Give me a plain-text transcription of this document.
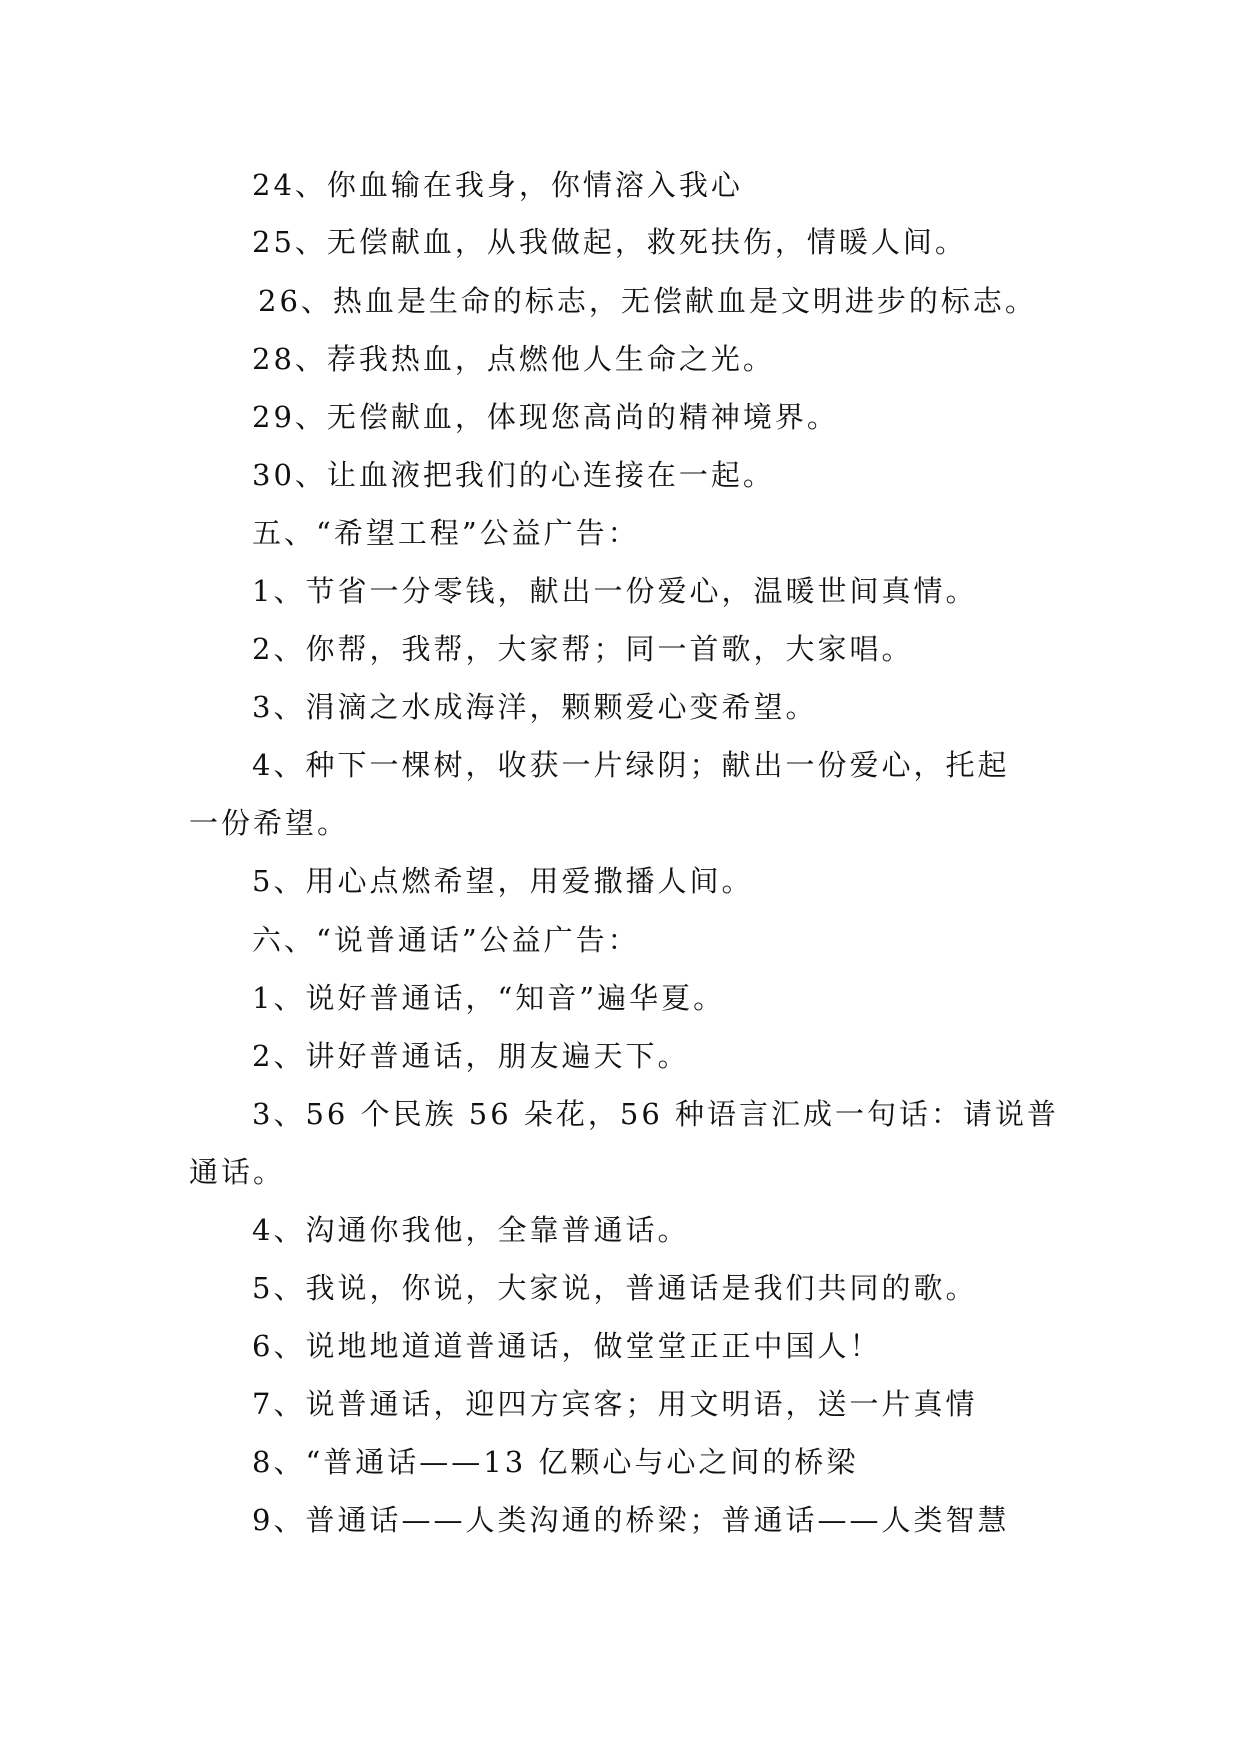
24、你血输在我身，你情溶入我心
25、无偿献血，从我做起，救死扶伤，情暖人间。
26、热血是生命的标志，无偿献血是文明进步的标志。
28、荐我热血，点燃他人生命之光。
29、无偿献血，体现您高尚的精神境界。
30、让血液把我们的心连接在一起。
五、“希望工程”公益广告：
1、节省一分零钱，献出一份爱心，温暖世间真情。
2、你帮，我帮，大家帮；同一首歌，大家唱。
3、涓滴之水成海洋，颗颗爱心变希望。
4、种下一棵树，收获一片绿阴；献出一份爱心，托起
一份希望。
5、用心点燃希望，用爱撒播人间。
六、“说普通话”公益广告：
1、说好普通话，“知音”遍华夏。
2、讲好普通话，朋友遍天下。
3、56 个民族 56 朵花，56 种语言汇成一句话：请说普
通话。
4、沟通你我他，全靠普通话。
5、我说，你说，大家说，普通话是我们共同的歌。
6、说地地道道普通话，做堂堂正正中国人！
7、说普通话，迎四方宾客；用文明语，送一片真情
8、“普通话——13 亿颗心与心之间的桥梁
9、普通话——人类沟通的桥梁；普通话——人类智慧
